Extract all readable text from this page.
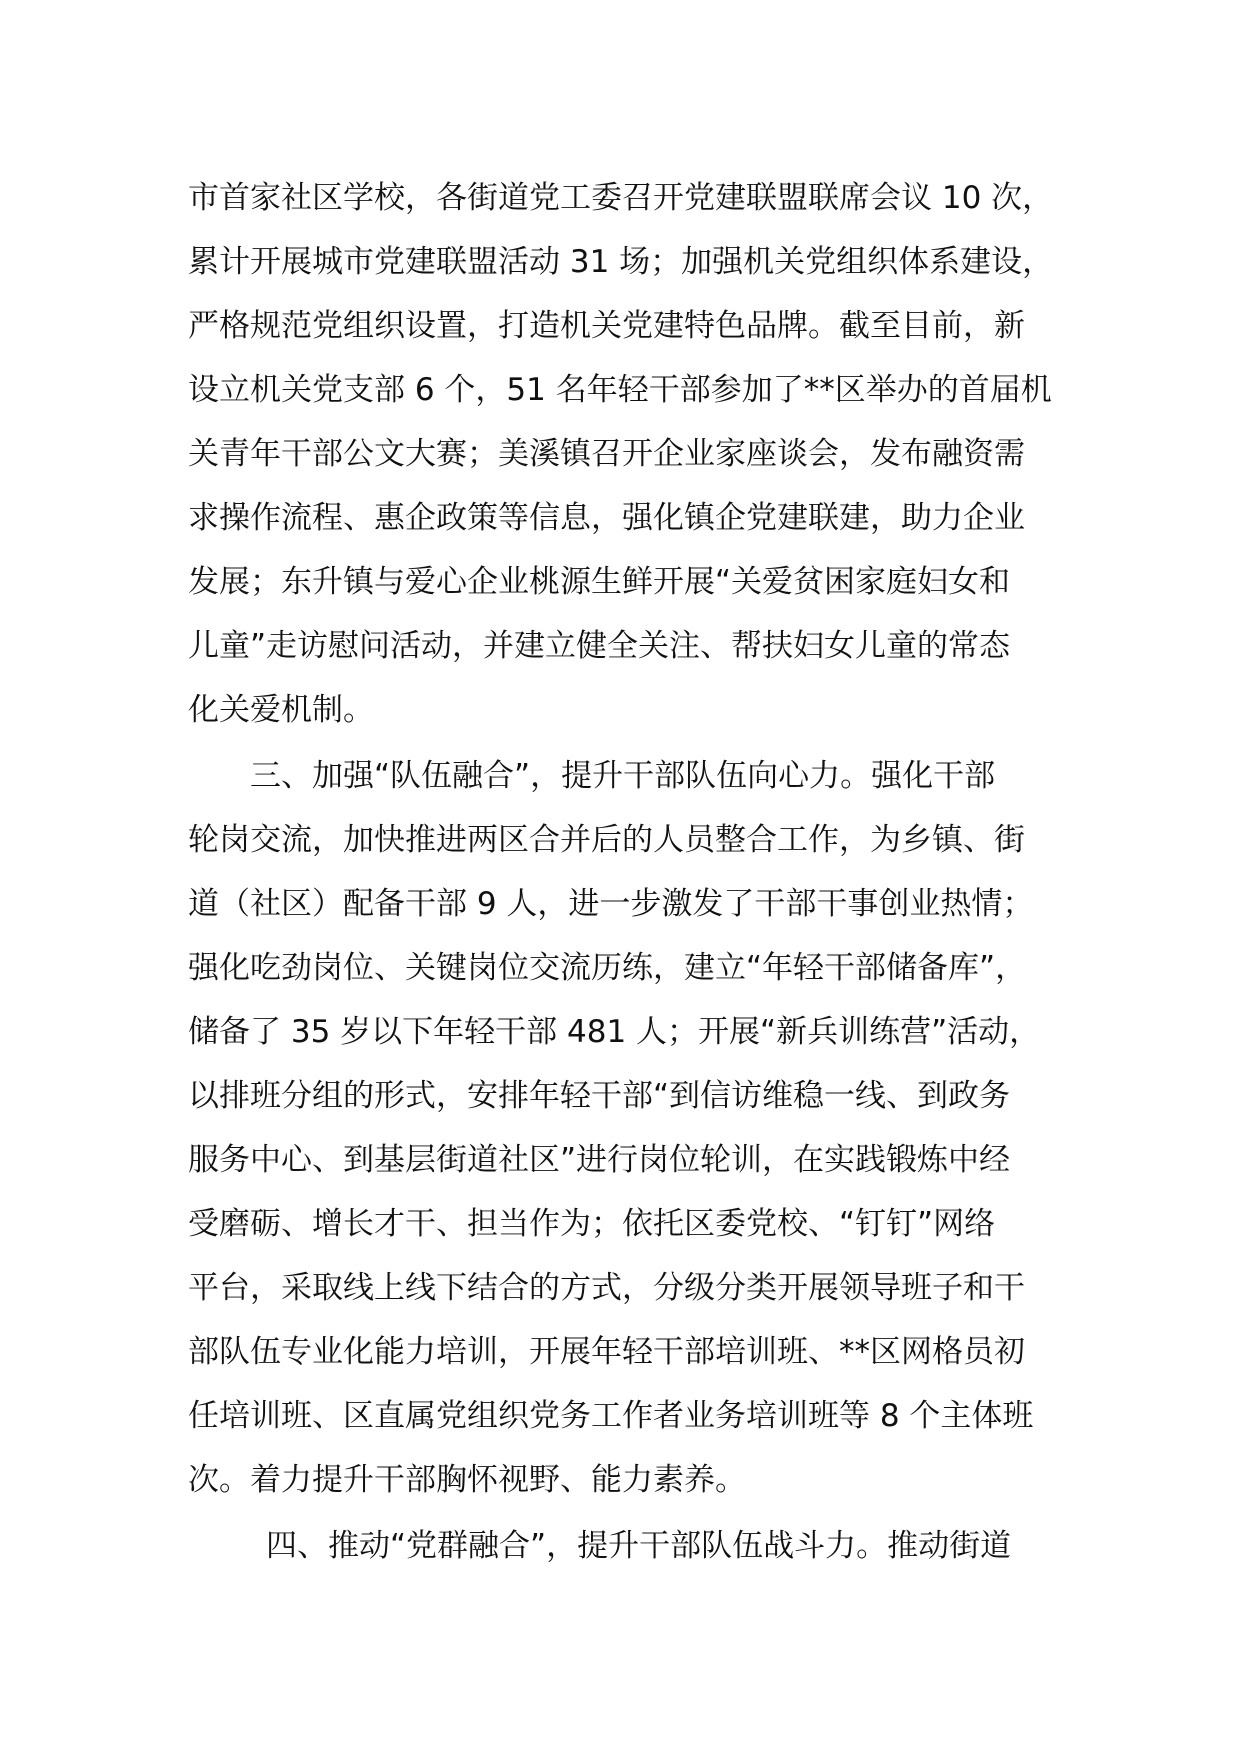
市首家社区学校，各街道党工委召开党建联盟联席会议 10 次，
累计开展城市党建联盟活动 31 场；加强机关党组织体系建设，
严格规范党组织设置，打造机关党建特色品牌。截至目前，新
设立机关党支部 6 个，51 名年轻干部参加了**区举办的首届机
关青年干部公文大赛；美溪镇召开企业家座谈会，发布融资需
求操作流程、惠企政策等信息，强化镇企党建联建，助力企业
发展；东升镇与爱心企业桃源生鲜开展“关爱贫困家庭妇女和
儿童”走访慰问活动，并建立健全关注、帮扶妇女儿童的常态
化关爱机制。
三、加强“队伍融合”，提升干部队伍向心力。强化干部
轮岗交流，加快推进两区合并后的人员整合工作，为乡镇、街
道（社区）配备干部 9 人，进一步激发了干部干事创业热情；
强化吃劲岗位、关键岗位交流历练，建立“年轻干部储备库”，
储备了 35 岁以下年轻干部 481 人；开展“新兵训练营”活动，
以排班分组的形式，安排年轻干部“到信访维稳一线、到政务
服务中心、到基层街道社区”进行岗位轮训，在实践锻炼中经
受磨砺、增长才干、担当作为；依托区委党校、“钉钉”网络
平台，采取线上线下结合的方式，分级分类开展领导班子和干
部队伍专业化能力培训，开展年轻干部培训班、**区网格员初
任培训班、区直属党组织党务工作者业务培训班等 8 个主体班
次。着力提升干部胸怀视野、能力素养。
四、推动“党群融合”，提升干部队伍战斗力。推动街道
